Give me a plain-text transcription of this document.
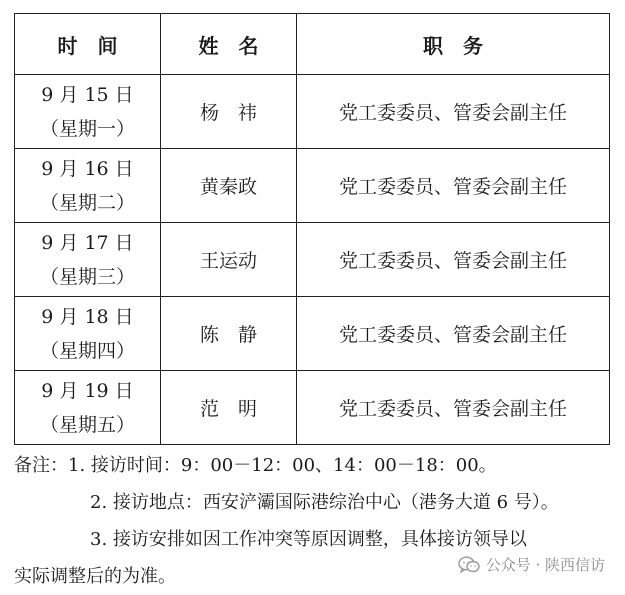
时　间	姓　名	职　务

9 月 15 日
（星期一）	杨　祎	党工委委员、管委会副主任

9 月 16 日
（星期二）	黄秦政	党工委委员、管委会副主任

9 月 17 日
（星期三）	王运动	党工委委员、管委会副主任

9 月 18 日
（星期四）	陈　静	党工委委员、管委会副主任

9 月 19 日
（星期五）	范　明	党工委委员、管委会副主任
备注：1. 接访时间：9：00－12：00、14：00－18：00。
2. 接访地点：西安浐灞国际港综治中心（港务大道 6 号）。
3. 接访安排如因工作冲突等原因调整，具体接访领导以
实际调整后的为准。
公众号 · 陕西信访
